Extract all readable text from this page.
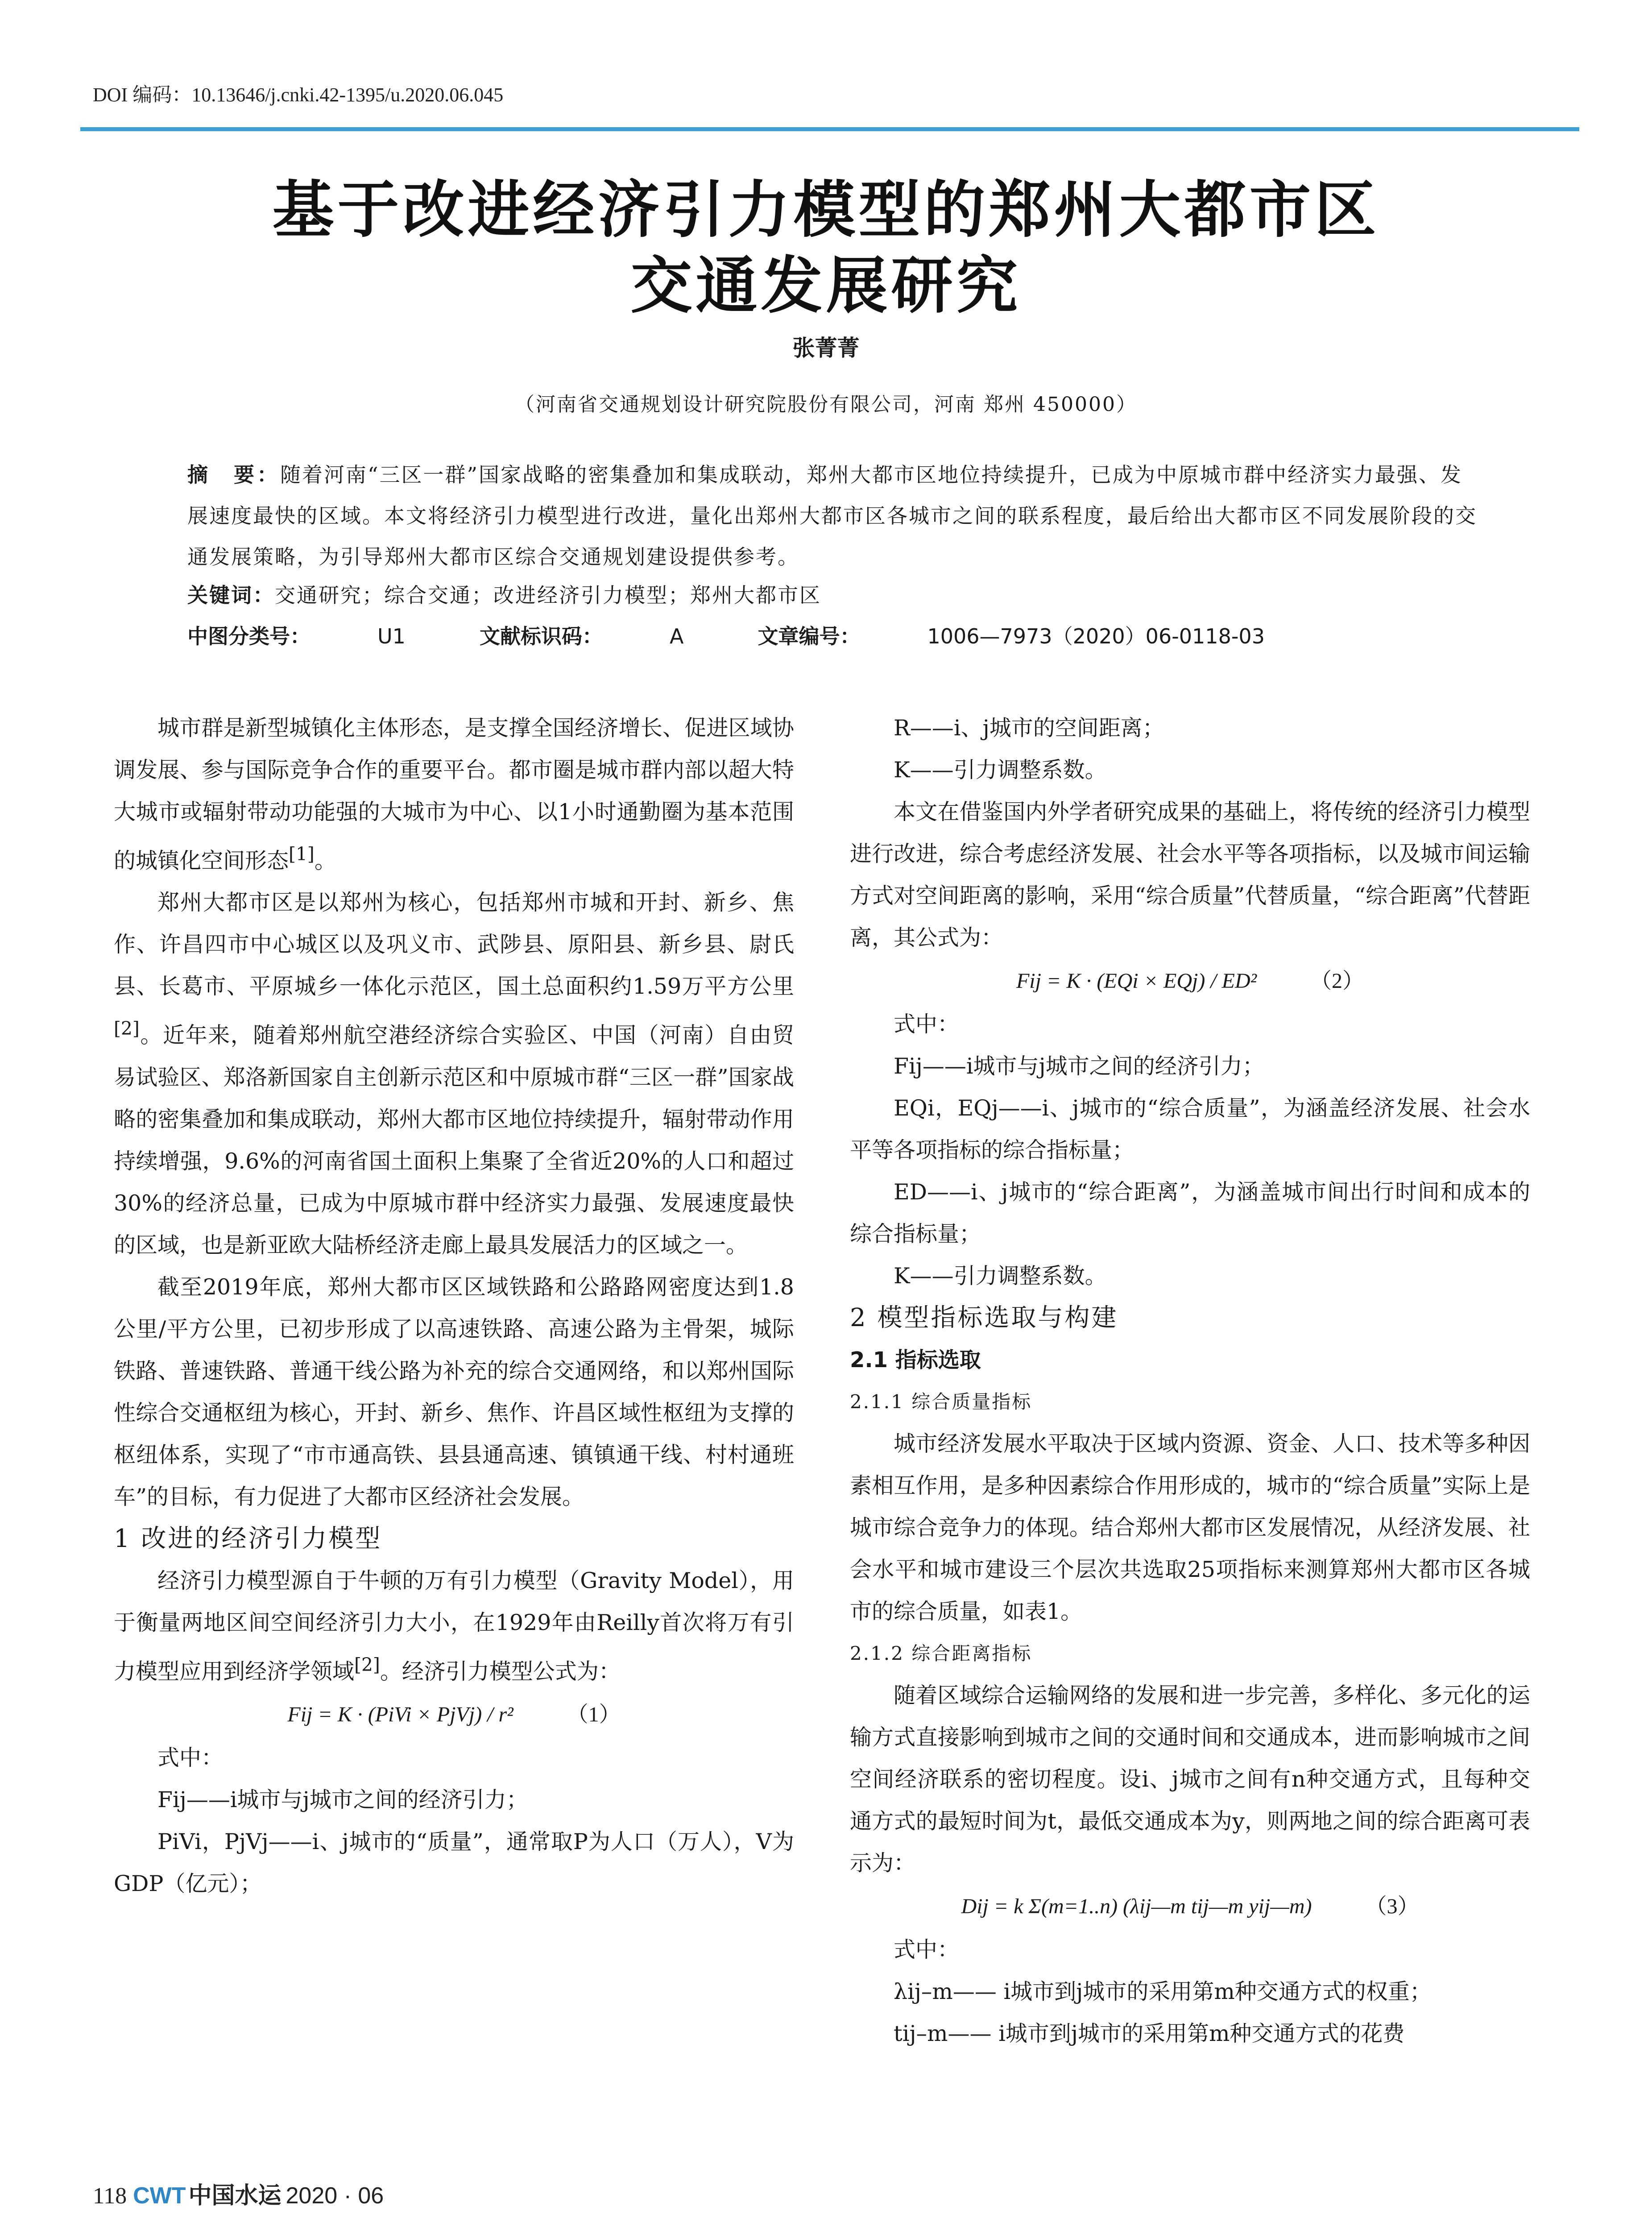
DOI 编码：10.13646/j.cnki.42-1395/u.2020.06.045
基于改进经济引力模型的郑州大都市区
交通发展研究
张菁菁
（河南省交通规划设计研究院股份有限公司，河南 郑州 450000）
摘　要：随着河南“三区一群”国家战略的密集叠加和集成联动，郑州大都市区地位持续提升，已成为中原城市群中经济实力最强、发展速度最快的区域。本文将经济引力模型进行改进，量化出郑州大都市区各城市之间的联系程度，最后给出大都市区不同发展阶段的交通发展策略，为引导郑州大都市区综合交通规划建设提供参考。
关键词：交通研究；综合交通；改进经济引力模型；郑州大都市区
中图分类号：	U1	文献标识码：	A	文章编号：	1006—7973（2020）06-0118-03

城市群是新型城镇化主体形态，是支撑全国经济增长、促进区域协调发展、参与国际竞争合作的重要平台。都市圈是城市群内部以超大特大城市或辐射带动功能强的大城市为中心、以1小时通勤圈为基本范围的城镇化空间形态[1]。

郑州大都市区是以郑州为核心，包括郑州市城和开封、新乡、焦作、许昌四市中心城区以及巩义市、武陟县、原阳县、新乡县、尉氏县、长葛市、平原城乡一体化示范区，国土总面积约1.59万平方公里[2]。近年来，随着郑州航空港经济综合实验区、中国（河南）自由贸易试验区、郑洛新国家自主创新示范区和中原城市群“三区一群”国家战略的密集叠加和集成联动，郑州大都市区地位持续提升，辐射带动作用持续增强，9.6%的河南省国土面积上集聚了全省近20%的人口和超过30%的经济总量，已成为中原城市群中经济实力最强、发展速度最快的区域，也是新亚欧大陆桥经济走廊上最具发展活力的区域之一。

截至2019年底，郑州大都市区区域铁路和公路路网密度达到1.8公里/平方公里，已初步形成了以高速铁路、高速公路为主骨架，城际铁路、普速铁路、普通干线公路为补充的综合交通网络，和以郑州国际性综合交通枢纽为核心，开封、新乡、焦作、许昌区域性枢纽为支撑的枢纽体系，实现了“市市通高铁、县县通高速、镇镇通干线、村村通班车”的目标，有力促进了大都市区经济社会发展。

1 改进的经济引力模型

经济引力模型源自于牛顿的万有引力模型（Gravity Model），用于衡量两地区间空间经济引力大小，在1929年由Reilly首次将万有引力模型应用到经济学领域[2]。经济引力模型公式为：

Fij = K · (PiVi × PjVj) / r²	（1）

式中：

Fij——i城市与j城市之间的经济引力；

PiVi，PjVj——i、j城市的“质量”，通常取P为人口（万人），V为GDP（亿元）；

R——i、j城市的空间距离；

K——引力调整系数。

本文在借鉴国内外学者研究成果的基础上，将传统的经济引力模型进行改进，综合考虑经济发展、社会水平等各项指标，以及城市间运输方式对空间距离的影响，采用“综合质量”代替质量，“综合距离”代替距离，其公式为：

Fij = K · (EQi × EQj) / ED²	（2）

式中：

Fij——i城市与j城市之间的经济引力；

EQi，EQj——i、j城市的“综合质量”，为涵盖经济发展、社会水平等各项指标的综合指标量；

ED——i、j城市的“综合距离”，为涵盖城市间出行时间和成本的综合指标量；

K——引力调整系数。

2 模型指标选取与构建

2.1 指标选取

2.1.1 综合质量指标

城市经济发展水平取决于区域内资源、资金、人口、技术等多种因素相互作用，是多种因素综合作用形成的，城市的“综合质量”实际上是城市综合竞争力的体现。结合郑州大都市区发展情况，从经济发展、社会水平和城市建设三个层次共选取25项指标来测算郑州大都市区各城市的综合质量，如表1。

2.1.2 综合距离指标

随着区域综合运输网络的发展和进一步完善，多样化、多元化的运输方式直接影响到城市之间的交通时间和交通成本，进而影响城市之间空间经济联系的密切程度。设i、j城市之间有n种交通方式，且每种交通方式的最短时间为t，最低交通成本为y，则两地之间的综合距离可表示为：

Dij = k Σ(m=1..n) (λij—m tij—m yij—m)	（3）

式中：

λij–m—— i城市到j城市的采用第m种交通方式的权重；

tij–m—— i城市到j城市的采用第m种交通方式的花费

118 CWT 中国水运 2020 · 06
